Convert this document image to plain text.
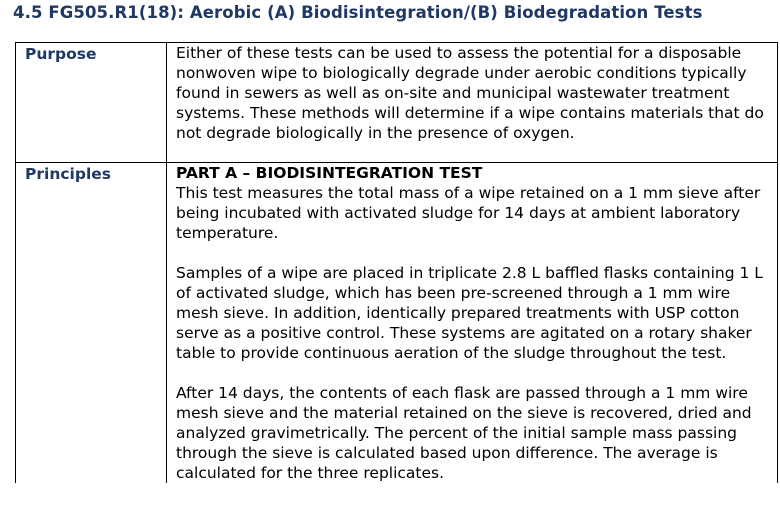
4.5 FG505.R1(18): Aerobic (A) Biodisintegration/(B) Biodegradation Tests
Purpose	Either of these tests can be used to assess the potential for a disposable nonwoven wipe to biologically degrade under aerobic conditions typically found in sewers as well as on-site and municipal wastewater treatment systems. These methods will determine if a wipe contains materials that do not degrade biologically in the presence of oxygen.

Principles	PART A – BIODISINTEGRATION TEST

This test measures the total mass of a wipe retained on a 1 mm sieve after being incubated with activated sludge for 14 days at ambient laboratory temperature.

Samples of a wipe are placed in triplicate 2.8 L baffled flasks containing 1 L of activated sludge, which has been pre-screened through a 1 mm wire mesh sieve. In addition, identically prepared treatments with USP cotton serve as a positive control. These systems are agitated on a rotary shaker table to provide continuous aeration of the sludge throughout the test.

After 14 days, the contents of each flask are passed through a 1 mm wire mesh sieve and the material retained on the sieve is recovered, dried and analyzed gravimetrically. The percent of the initial sample mass passing through the sieve is calculated based upon difference. The average is calculated for the three replicates.
